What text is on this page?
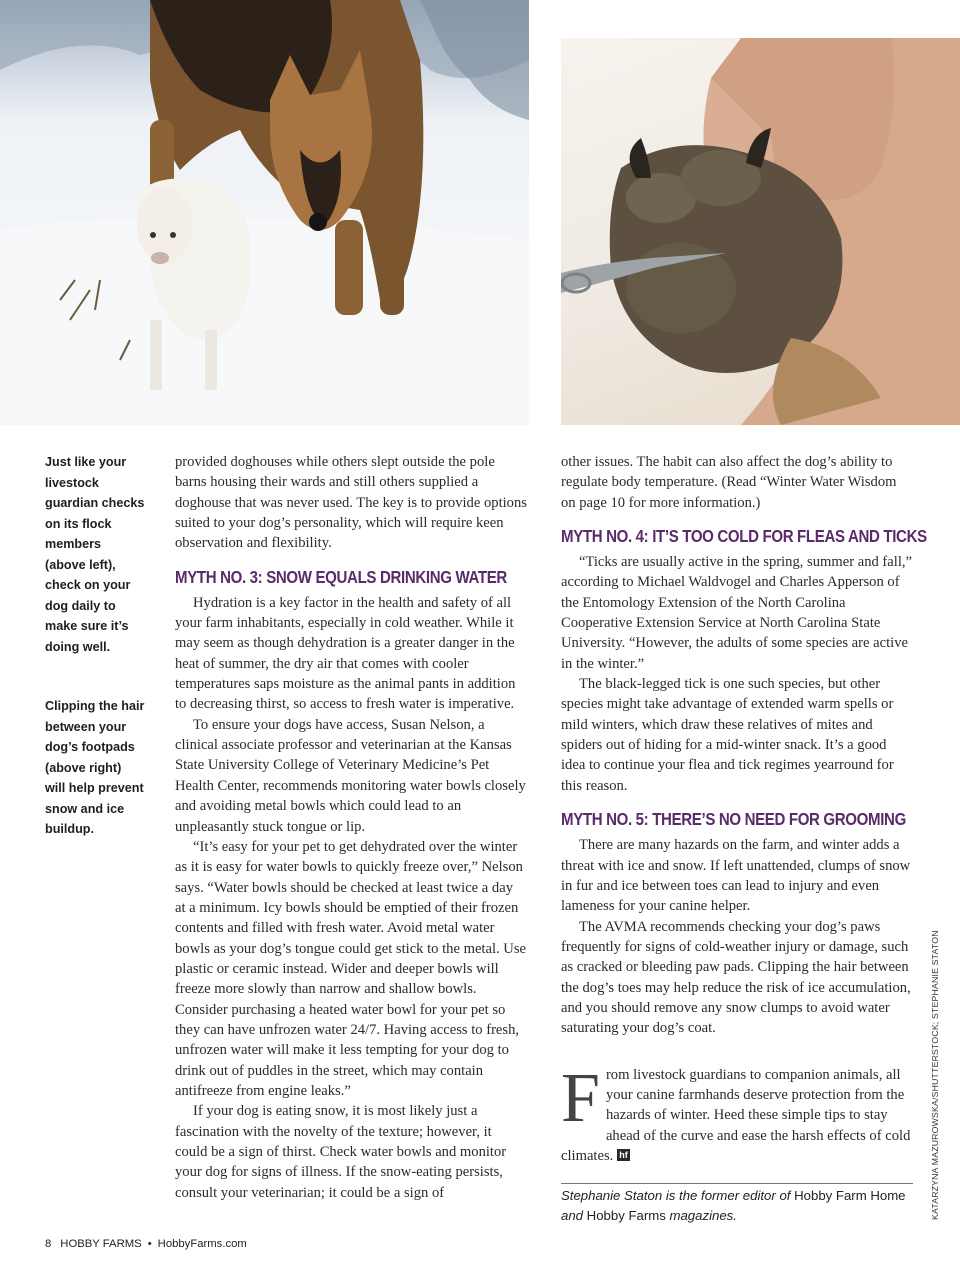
Just like your livestock guardian checks on its flock members (above left), check on your dog daily to make sure it’s doing well.
Clipping the hair between your dog’s footpads (above right) will help prevent snow and ice buildup.

provided doghouses while others slept outside the pole barns housing their wards and still others supplied a doghouse that was never used. The key is to provide options suited to your dog’s personality, which will require keen observation and flexibility.

MYTH NO. 3: SNOW EQUALS DRINKING WATER

Hydration is a key factor in the health and safety of all your farm inhabitants, especially in cold weather. While it may seem as though dehydration is a greater danger in the heat of summer, the dry air that comes with cooler temperatures saps moisture as the animal pants in addition to decreasing thirst, so access to fresh water is imperative.

To ensure your dogs have access, Susan Nelson, a clinical associate professor and veterinarian at the Kansas State University College of Veterinary Medicine’s Pet Health Center, recommends monitoring water bowls closely and avoiding metal bowls which could lead to an unpleasantly stuck tongue or lip.

“It’s easy for your pet to get dehydrated over the winter as it is easy for water bowls to quickly freeze over,” Nelson says. “Water bowls should be checked at least twice a day at a minimum. Icy bowls should be emptied of their frozen contents and filled with fresh water. Avoid metal water bowls as your dog’s tongue could get stick to the metal. Use plastic or ceramic instead. Wider and deeper bowls will freeze more slowly than narrow and shallow bowls. Consider purchasing a heated water bowl for your pet so they can have unfrozen water 24/7. Having access to fresh, unfrozen water will make it less tempting for your dog to drink out of puddles in the street, which may contain antifreeze from engine leaks.”

If your dog is eating snow, it is most likely just a fascination with the novelty of the texture; however, it could be a sign of thirst. Check water bowls and monitor your dog for signs of illness. If the snow-eating persists, consult your veterinarian; it could be a sign of

other issues. The habit can also affect the dog’s ability to regulate body temperature. (Read “Winter Water Wisdom on page 10 for more information.)

MYTH NO. 4: IT’S TOO COLD FOR FLEAS AND TICKS

“Ticks are usually active in the spring, summer and fall,” according to Michael Waldvogel and Charles Apperson of the Entomology Extension of the North Carolina Cooperative Extension Service at North Carolina State University. “However, the adults of some species are active in the winter.”

The black-legged tick is one such species, but other species might take advantage of extended warm spells or mild winters, which draw these relatives of mites and spiders out of hiding for a mid-winter snack. It’s a good idea to continue your flea and tick regimes yearround for this reason.

MYTH NO. 5: THERE’S NO NEED FOR GROOMING

There are many hazards on the farm, and winter adds a threat with ice and snow. If left unattended, clumps of snow in fur and ice between toes can lead to injury and even lameness for your canine helper.

The AVMA recommends checking your dog’s paws frequently for signs of cold-weather injury or damage, such as cracked or bleeding paw pads. Clipping the hair between the dog’s toes may help reduce the risk of ice accumulation, and you should remove any snow clumps to avoid water saturating your dog’s coat.

From livestock guardians to companion animals, all your canine farmhands deserve protection from the hazards of winter. Heed these simple tips to stay ahead of the curve and ease the harsh effects of cold climates. hf

Stephanie Staton is the former editor of Hobby Farm Home and Hobby Farms magazines.	KATARZYNA MAZUROWSKA/SHUTTERSTOCK; STEPHANIE STATON
8 HOBBY FARMS • HobbyFarms.com
